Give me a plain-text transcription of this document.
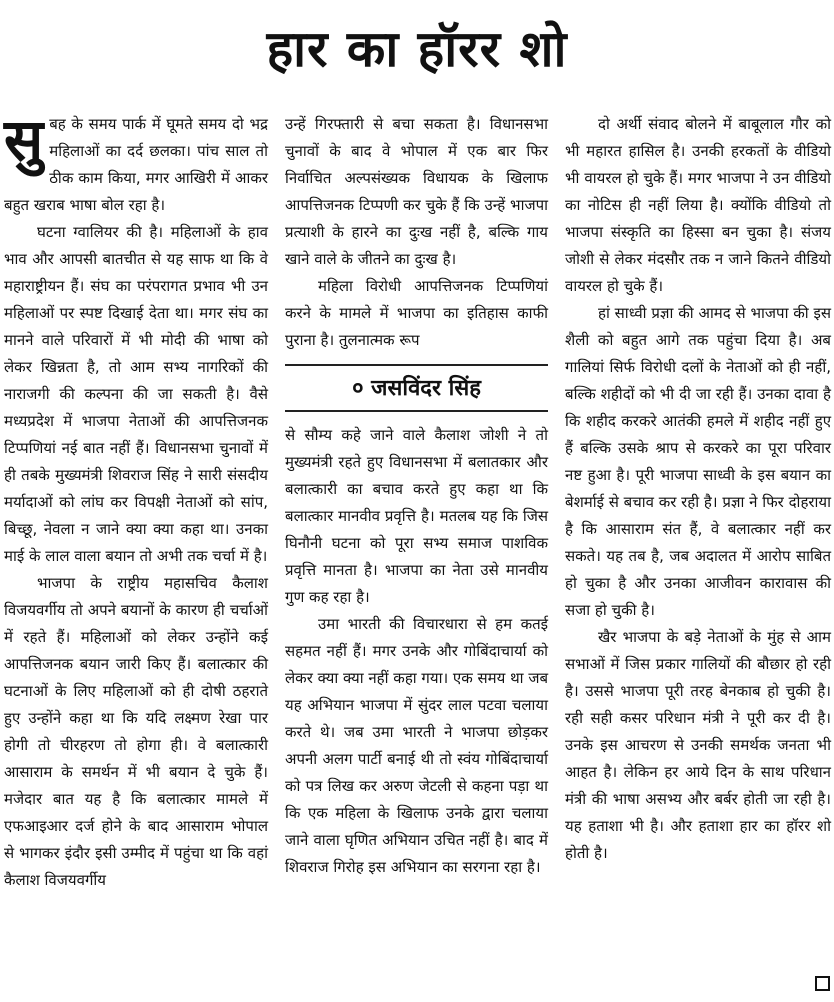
हार का हॉरर शो

सुबह के समय पार्क में घूमते समय दो भद्र महिलाओं का दर्द छलका। पांच साल तो ठीक काम किया, मगर आखिरी में आकर बहुत खराब भाषा बोल रहा है।

घटना ग्वालियर की है। महिलाओं के हाव भाव और आपसी बातचीत से यह साफ था कि वे महाराष्ट्रीयन हैं। संघ का परंपरागत प्रभाव भी उन महिलाओं पर स्पष्ट दिखाई देता था। मगर संघ का मानने वाले परिवारों में भी मोदी की भाषा को लेकर खिन्नता है, तो आम सभ्य नागरिकों की नाराजगी की कल्पना की जा सकती है। वैसे मध्यप्रदेश में भाजपा नेताओं की आपत्तिजनक टिप्पणियां नई बात नहीं हैं। विधानसभा चुनावों में ही तबके मुख्यमंत्री शिवराज सिंह ने सारी संसदीय मर्यादाओं को लांघ कर विपक्षी नेताओं को सांप, बिच्छू, नेवला न जाने क्या क्या कहा था। उनका माई के लाल वाला बयान तो अभी तक चर्चा में है।

भाजपा के राष्ट्रीय महासचिव कैलाश विजयवर्गीय तो अपने बयानों के कारण ही चर्चाओं में रहते हैं। महिलाओं को लेकर उन्होंने कई आपत्तिजनक बयान जारी किए हैं। बलात्कार की घटनाओं के लिए महिलाओं को ही दोषी ठहराते हुए उन्होंने कहा था कि यदि लक्ष्मण रेखा पार होगी तो चीरहरण तो होगा ही। वे बलात्कारी आसाराम के समर्थन में भी बयान दे चुके हैं। मजेदार बात यह है कि बलात्कार मामले में एफआइआर दर्ज होने के बाद आसाराम भोपाल से भागकर इंदौर इसी उम्मीद में पहुंचा था कि वहां कैलाश विजयवर्गीय

उन्हें गिरफ्तारी से बचा सकता है। विधानसभा चुनावों के बाद वे भोपाल में एक बार फिर निर्वाचित अल्पसंख्यक विधायक के खिलाफ आपत्तिजनक टिप्पणी कर चुके हैं कि उन्हें भाजपा प्रत्याशी के हारने का दुःख नहीं है, बल्कि गाय खाने वाले के जीतने का दुःख है।

महिला विरोधी आपत्तिजनक टिप्पणियां करने के मामले में भाजपा का इतिहास काफी पुराना है। तुलनात्मक रूप

० जसविंदर सिंह

से सौम्य कहे जाने वाले कैलाश जोशी ने तो मुख्यमंत्री रहते हुए विधानसभा में बलातकार और बलात्कारी का बचाव करते हुए कहा था कि बलात्कार मानवीव प्रवृत्ति है। मतलब यह कि जिस घिनौनी घटना को पूरा सभ्य समाज पाशविक प्रवृत्ति मानता है। भाजपा का नेता उसे मानवीय गुण कह रहा है।

उमा भारती की विचारधारा से हम कतई सहमत नहीं हैं। मगर उनके और गोबिंदाचार्या को लेकर क्या क्या नहीं कहा गया। एक समय था जब यह अभियान भाजपा में सुंदर लाल पटवा चलाया करते थे। जब उमा भारती ने भाजपा छोड़कर अपनी अलग पार्टी बनाई थी तो स्वंय गोबिंदाचार्या को पत्र लिख कर अरुण जेटली से कहना पड़ा था कि एक महिला के खिलाफ उनके द्वारा चलाया जाने वाला घृणित अभियान उचित नहीं है। बाद में शिवराज गिरोह इस अभियान का सरगना रहा है।

दो अर्थी संवाद बोलने में बाबूलाल गौर को भी महारत हासिल है। उनकी हरकतों के वीडियो भी वायरल हो चुके हैं। मगर भाजपा ने उन वीडियो का नोटिस ही नहीं लिया है। क्योंकि वीडियो तो भाजपा संस्कृति का हिस्सा बन चुका है। संजय जोशी से लेकर मंदसौर तक न जाने कितने वीडियो वायरल हो चुके हैं।

हां साध्वी प्रज्ञा की आमद से भाजपा की इस शैली को बहुत आगे तक पहुंचा दिया है। अब गालियां सिर्फ विरोधी दलों के नेताओं को ही नहीं, बल्कि शहीदों को भी दी जा रही हैं। उनका दावा है कि शहीद करकरे आतंकी हमले में शहीद नहीं हुए हैं बल्कि उसके श्राप से करकरे का पूरा परिवार नष्ट हुआ है। पूरी भाजपा साध्वी के इस बयान का बेशर्माई से बचाव कर रही है। प्रज्ञा ने फिर दोहराया है कि आसाराम संत हैं, वे बलात्कार नहीं कर सकते। यह तब है, जब अदालत में आरोप साबित हो चुका है और उनका आजीवन कारावास की सजा हो चुकी है।

खैर भाजपा के बड़े नेताओं के मुंह से आम सभाओं में जिस प्रकार गालियों की बौछार हो रही है। उससे भाजपा पूरी तरह बेनकाब हो चुकी है। रही सही कसर परिधान मंत्री ने पूरी कर दी है। उनके इस आचरण से उनकी समर्थक जनता भी आहत है। लेकिन हर आये दिन के साथ परिधान मंत्री की भाषा असभ्य और बर्बर होती जा रही है। यह हताशा भी है। और हताशा हार का हॉरर शो होती है।
